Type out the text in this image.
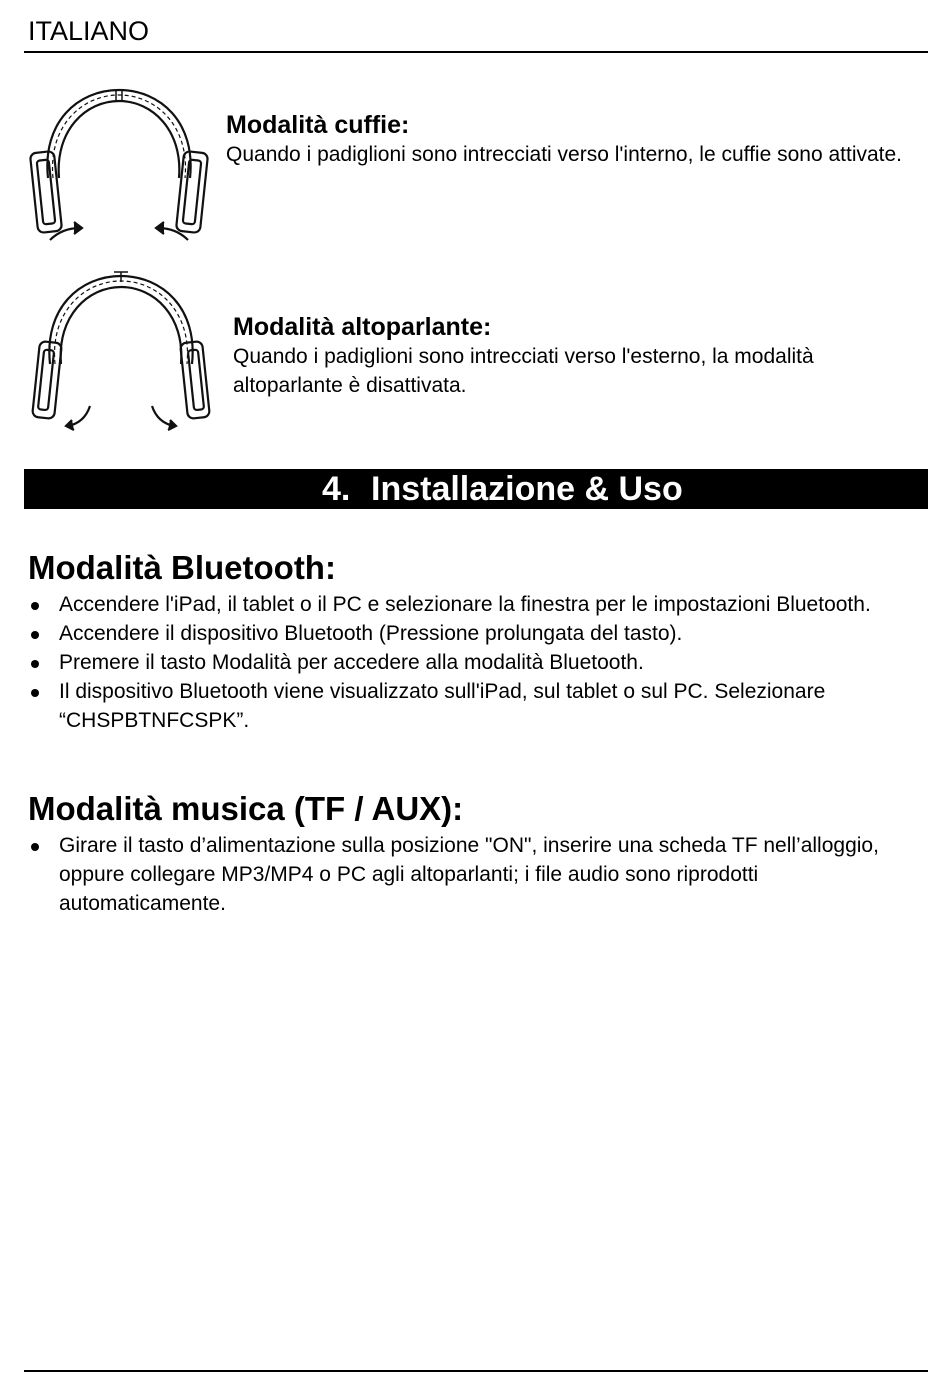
ITALIANO
Modalità cuffie:

Quando i padiglioni sono intrecciati verso l'interno, le cuffie sono attivate.

Modalità altoparlante:

Quando i padiglioni sono intrecciati verso l'esterno, la modalità altoparlante è disattivata.

4. Installazione & Uso
Modalità Bluetooth:
Accendere l'iPad, il tablet o il PC e selezionare la finestra per le impostazioni Bluetooth.
Accendere il dispositivo Bluetooth (Pressione prolungata del tasto).
Premere il tasto Modalità per accedere alla modalità Bluetooth.
Il dispositivo Bluetooth viene visualizzato sull'iPad, sul tablet o sul PC. Selezionare “CHSPBTNFCSPK”.
Modalità musica (TF / AUX):
Girare il tasto d’alimentazione sulla posizione "ON", inserire una scheda TF nell’alloggio, oppure collegare MP3/MP4 o PC agli altoparlanti; i file audio sono riprodotti automaticamente.
